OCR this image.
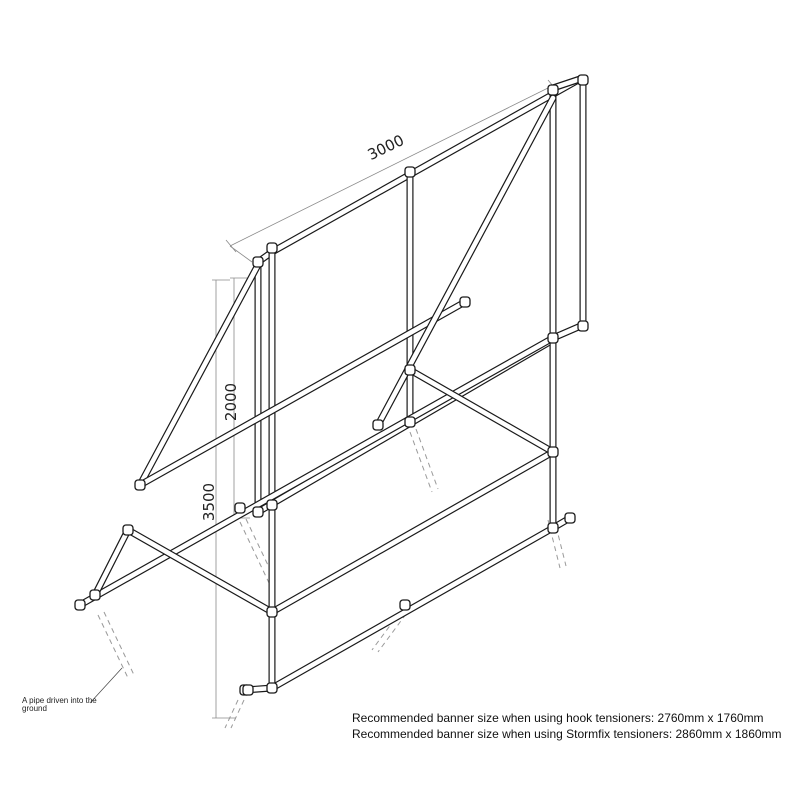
3000
2000
3500
A pipe driven into the ground
Recommended banner size when using hook tensioners: 2760mm x 1760mm
Recommended banner size when using Stormfix tensioners: 2860mm x 1860mm
